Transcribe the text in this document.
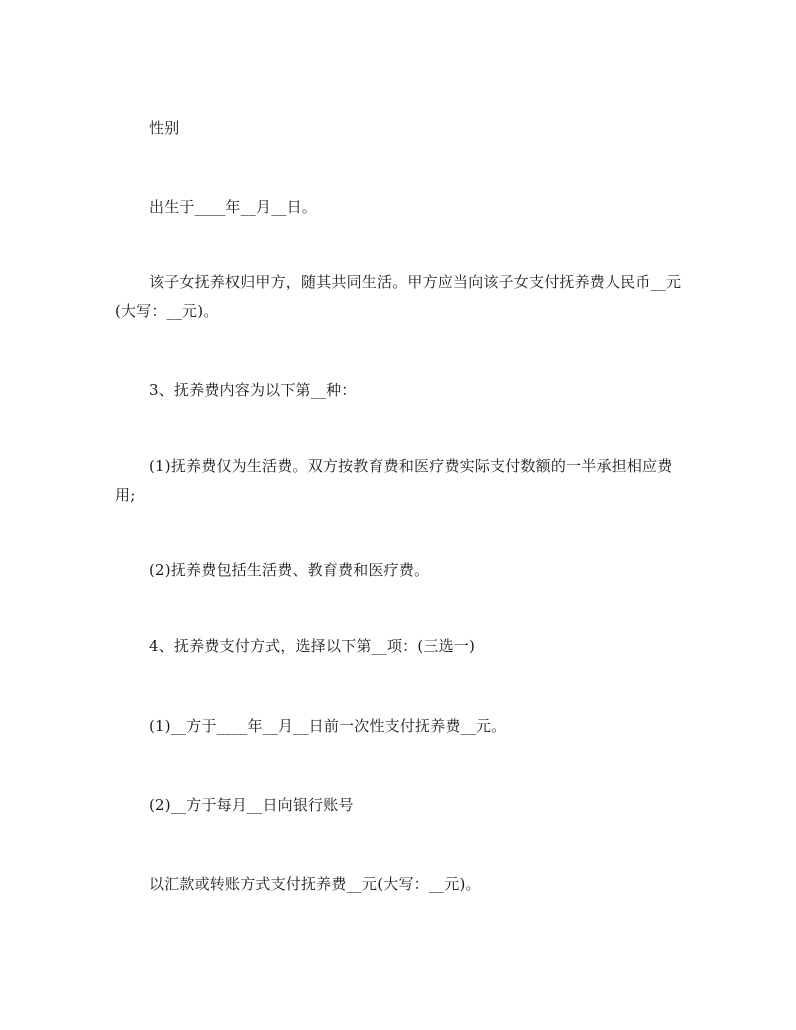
性别

出生于____年__月__日。

该子女抚养权归甲方，随其共同生活。甲方应当向该子女支付抚养费人民币__元(大写：__元)。

3、抚养费内容为以下第__种：

(1)抚养费仅为生活费。双方按教育费和医疗费实际支付数额的一半承担相应费用;

(2)抚养费包括生活费、教育费和医疗费。

4、抚养费支付方式，选择以下第__项：(三选一)

(1)__方于____年__月__日前一次性支付抚养费__元。

(2)__方于每月__日向银行账号

以汇款或转账方式支付抚养费__元(大写：__元)。
